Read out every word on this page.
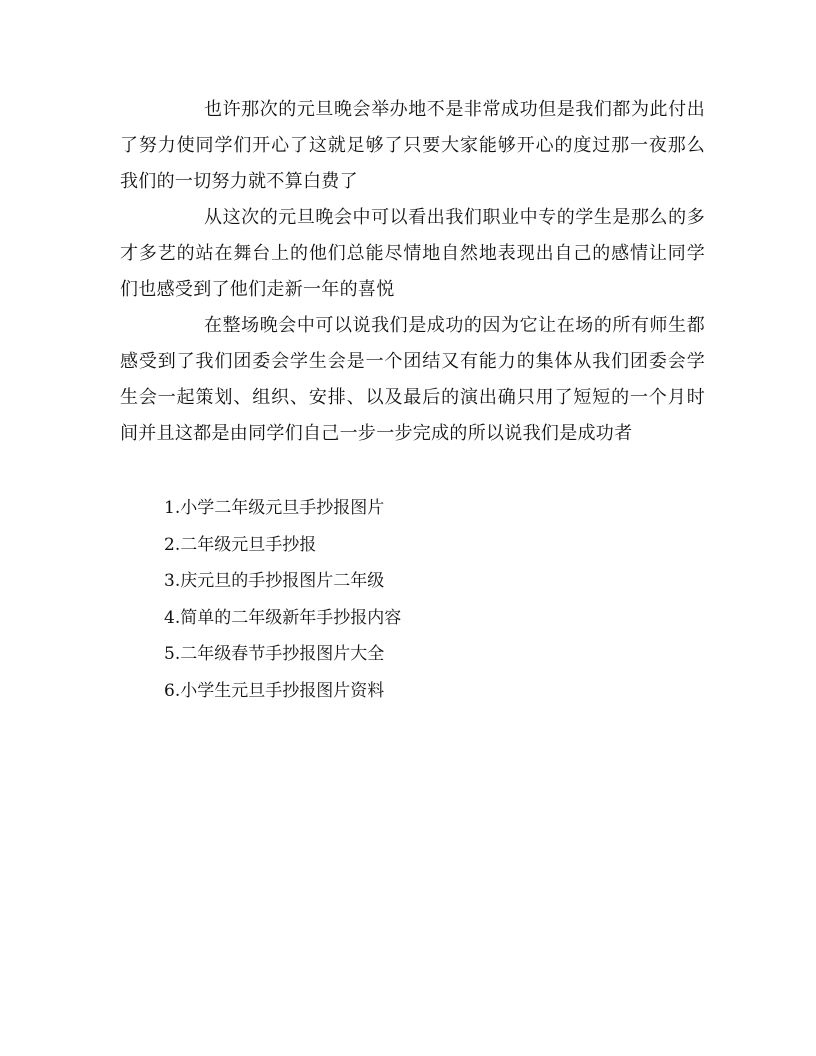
也许那次的元旦晚会举办地不是非常成功但是我们都为此付出了努力使同学们开心了这就足够了只要大家能够开心的度过那一夜那么我们的一切努力就不算白费了

从这次的元旦晚会中可以看出我们职业中专的学生是那么的多才多艺的站在舞台上的他们总能尽情地自然地表现出自己的感情让同学们也感受到了他们走新一年的喜悦

在整场晚会中可以说我们是成功的因为它让在场的所有师生都感受到了我们团委会学生会是一个团结又有能力的集体从我们团委会学生会一起策划、组织、安排、以及最后的演出确只用了短短的一个月时间并且这都是由同学们自己一步一步完成的所以说我们是成功者

1.小学二年级元旦手抄报图片
2.二年级元旦手抄报
3.庆元旦的手抄报图片二年级
4.简单的二年级新年手抄报内容
5.二年级春节手抄报图片大全
6.小学生元旦手抄报图片资料
